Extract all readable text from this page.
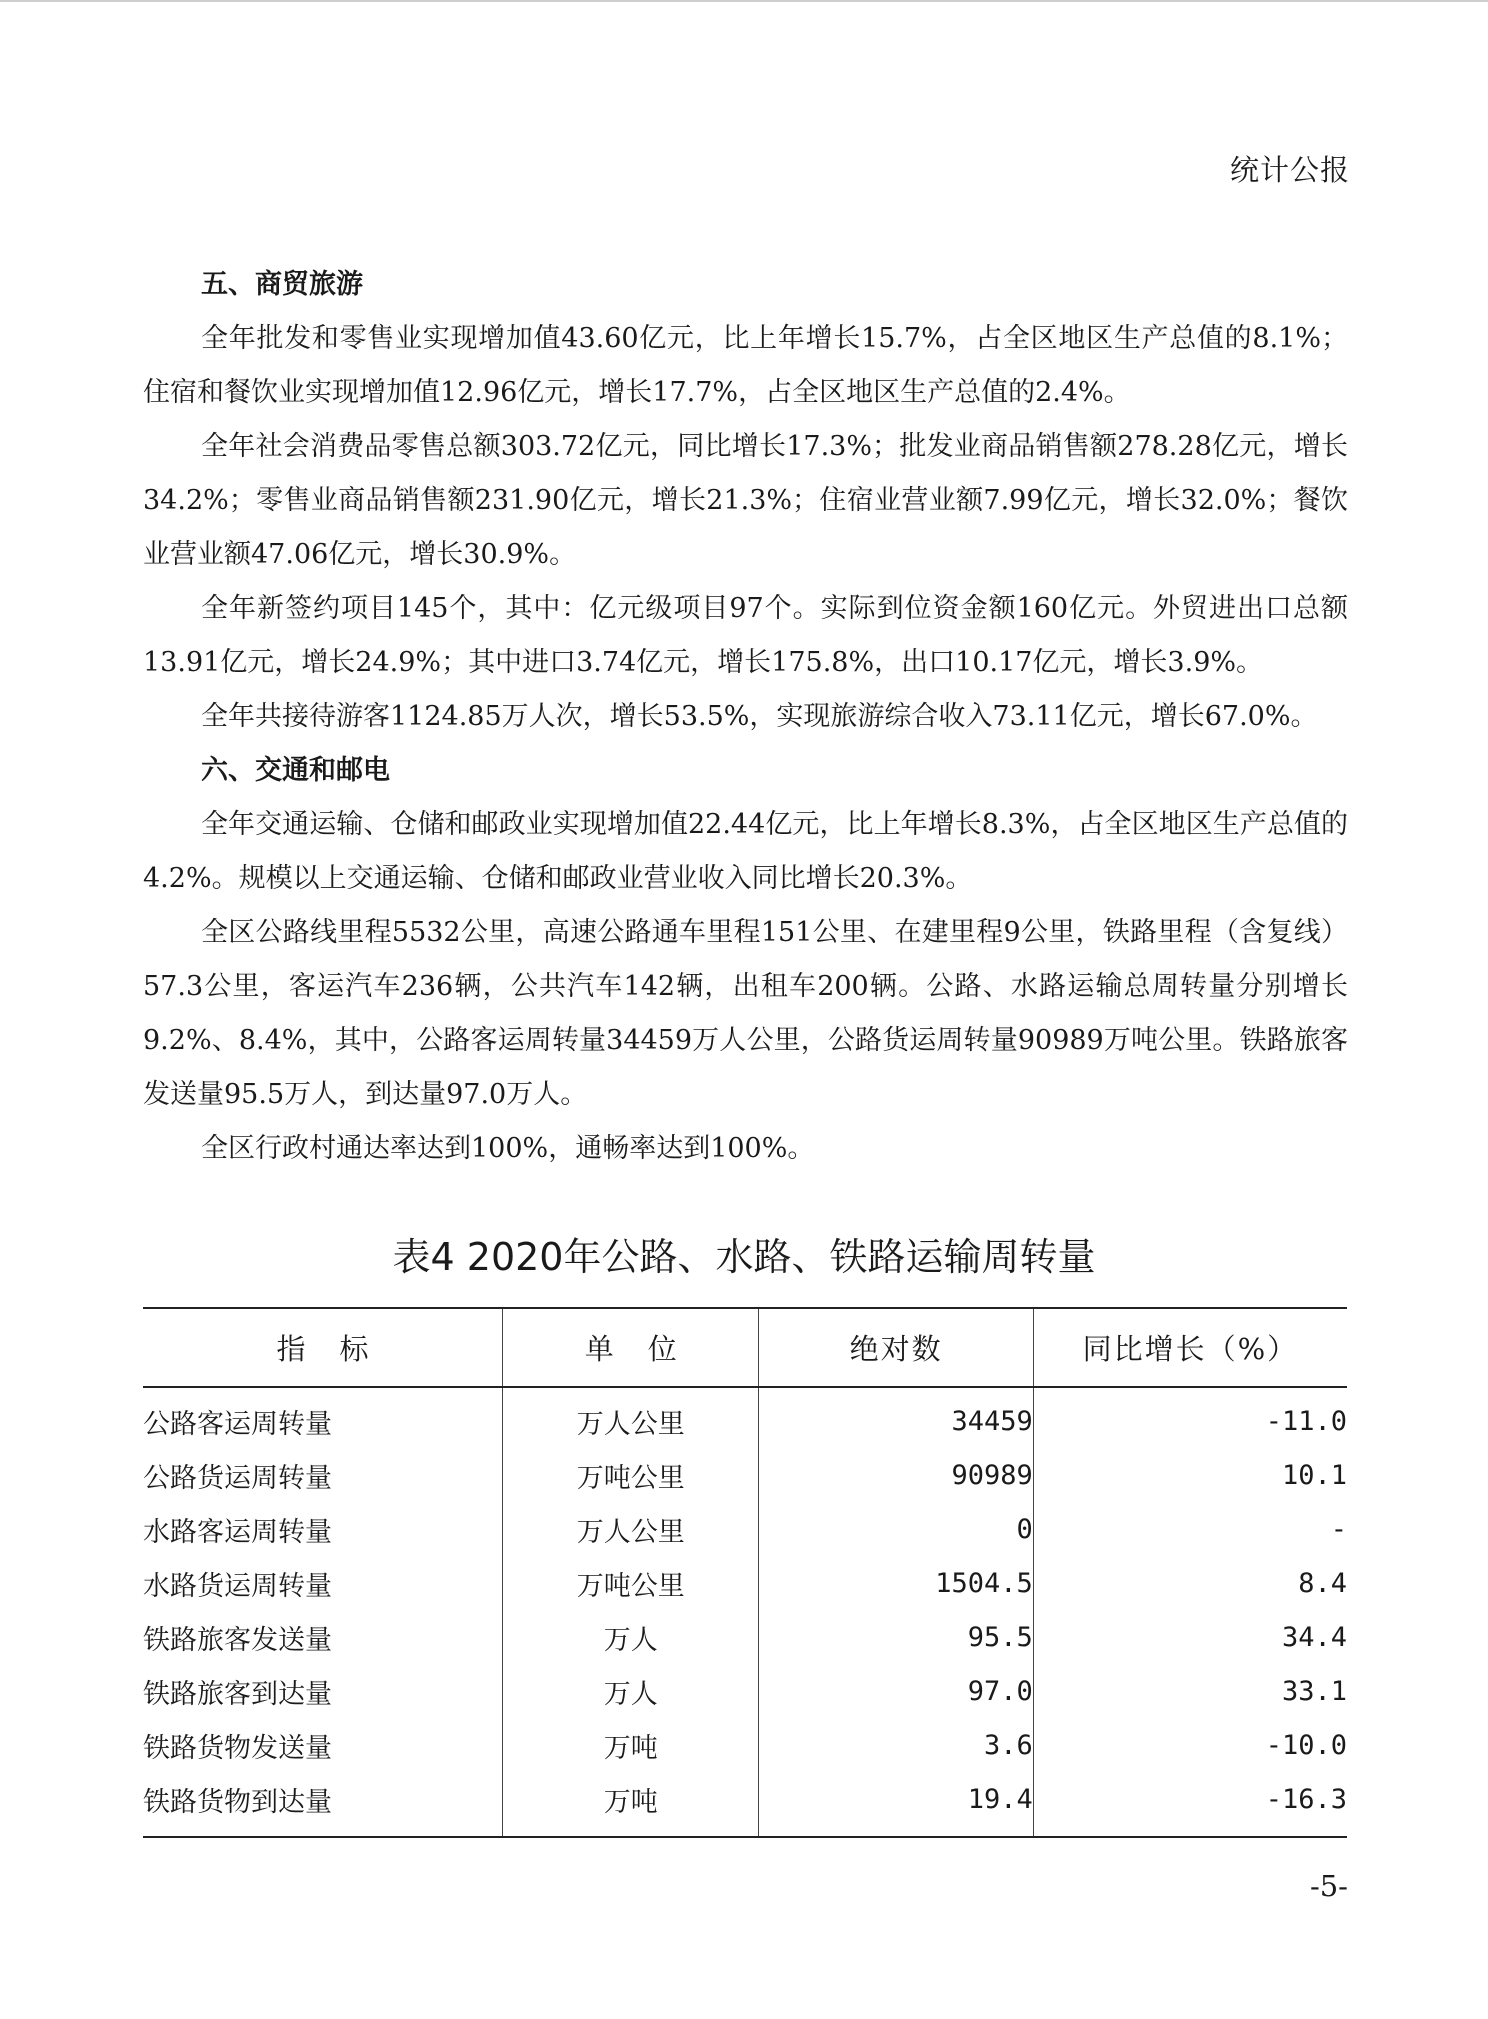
统计公报
五、商贸旅游

全年批发和零售业实现增加值43.60亿元，比上年增长15.7%，占全区地区生产总值的8.1%；住宿和餐饮业实现增加值12.96亿元，增长17.7%，占全区地区生产总值的2.4%。

全年社会消费品零售总额303.72亿元，同比增长17.3%；批发业商品销售额278.28亿元，增长34.2%；零售业商品销售额231.90亿元，增长21.3%；住宿业营业额7.99亿元，增长32.0%；餐饮业营业额47.06亿元，增长30.9%。

全年新签约项目145个，其中：亿元级项目97个。实际到位资金额160亿元。外贸进出口总额13.91亿元，增长24.9%；其中进口3.74亿元，增长175.8%，出口10.17亿元，增长3.9%。

全年共接待游客1124.85万人次，增长53.5%，实现旅游综合收入73.11亿元，增长67.0%。

六、交通和邮电

全年交通运输、仓储和邮政业实现增加值22.44亿元，比上年增长8.3%，占全区地区生产总值的4.2%。规模以上交通运输、仓储和邮政业营业收入同比增长20.3%。

全区公路线里程5532公里，高速公路通车里程151公里、在建里程9公里，铁路里程（含复线）57.3公里，客运汽车236辆，公共汽车142辆，出租车200辆。公路、水路运输总周转量分别增长9.2%、8.4%，其中，公路客运周转量34459万人公里，公路货运周转量90989万吨公里。铁路旅客发送量95.5万人，到达量97.0万人。

全区行政村通达率达到100%，通畅率达到100%。

表4 2020年公路、水路、铁路运输周转量
指标	单位	绝对数	同比增长（%）
公路客运周转量	万人公里	34459	-11.0
公路货运周转量	万吨公里	90989	10.1
水路客运周转量	万人公里	0	-
水路货运周转量	万吨公里	1504.5	8.4
铁路旅客发送量	万人	95.5	34.4
铁路旅客到达量	万人	97.0	33.1
铁路货物发送量	万吨	3.6	-10.0
铁路货物到达量	万吨	19.4	-16.3
-5-
